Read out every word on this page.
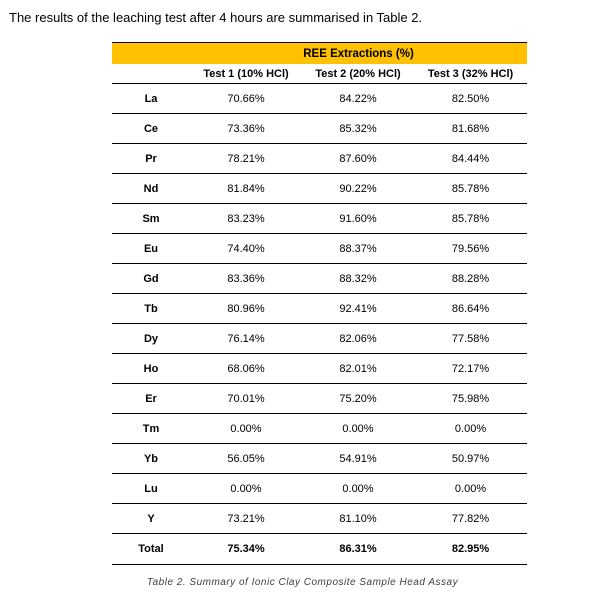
The results of the leaching test after 4 hours are summarised in Table 2.
	REE Extractions (%)		
	Test 1 (10% HCl)	Test 2 (20% HCl)	Test 3 (32% HCl)
La	70.66%	84.22%	82.50%
Ce	73.36%	85.32%	81.68%
Pr	78.21%	87.60%	84.44%
Nd	81.84%	90.22%	85.78%
Sm	83.23%	91.60%	85.78%
Eu	74.40%	88.37%	79.56%
Gd	83.36%	88.32%	88.28%
Tb	80.96%	92.41%	86.64%
Dy	76.14%	82.06%	77.58%
Ho	68.06%	82.01%	72.17%
Er	70.01%	75.20%	75.98%
Tm	0.00%	0.00%	0.00%
Yb	56.05%	54.91%	50.97%
Lu	0.00%	0.00%	0.00%
Y	73.21%	81.10%	77.82%
Total	75.34%	86.31%	82.95%
Table 2. Summary of Ionic Clay Composite Sample Head Assay
